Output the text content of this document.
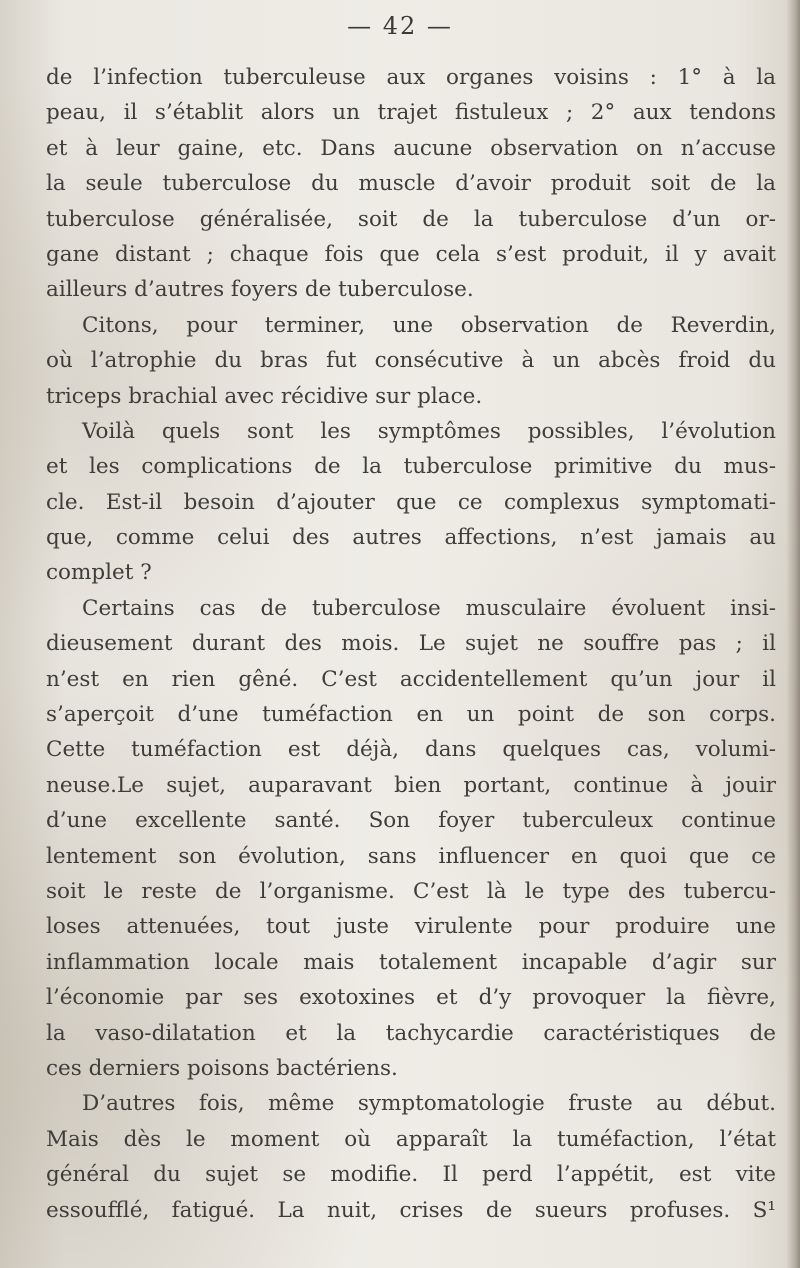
— 42 —
de l’infection tuberculeuse aux organes voisins : 1° à la
peau, il s’établit alors un trajet fistuleux ; 2° aux tendons
et à leur gaine, etc. Dans aucune observation on n’accuse
la seule tuberculose du muscle d’avoir produit soit de la
tuberculose généralisée, soit de la tuberculose d’un or-
gane distant ; chaque fois que cela s’est produit, il y avait
ailleurs d’autres foyers de tuberculose.
Citons, pour terminer, une observation de Reverdin,
où l’atrophie du bras fut consécutive à un abcès froid du
triceps brachial avec récidive sur place.
Voilà quels sont les symptômes possibles, l’évolution
et les complications de la tuberculose primitive du mus-
cle. Est-il besoin d’ajouter que ce complexus symptomati-
que, comme celui des autres affections, n’est jamais au
complet ?
Certains cas de tuberculose musculaire évoluent insi-
dieusement durant des mois. Le sujet ne souffre pas ; il
n’est en rien gêné. C’est accidentellement qu’un jour il
s’aperçoit d’une tuméfaction en un point de son corps.
Cette tuméfaction est déjà, dans quelques cas, volumi-
neuse.Le sujet, auparavant bien portant, continue à jouir
d’une excellente santé. Son foyer tuberculeux continue
lentement son évolution, sans influencer en quoi que ce
soit le reste de l’organisme. C’est là le type des tubercu-
loses attenuées, tout juste virulente pour produire une
inflammation locale mais totalement incapable d’agir sur
l’économie par ses exotoxines et d’y provoquer la fièvre,
la vaso-dilatation et la tachycardie caractéristiques de
ces derniers poisons bactériens.
D’autres fois, même symptomatologie fruste au début.
Mais dès le moment où apparaît la tuméfaction, l’état
général du sujet se modifie. Il perd l’appétit, est vite
essoufflé, fatigué. La nuit, crises de sueurs profuses. S¹
